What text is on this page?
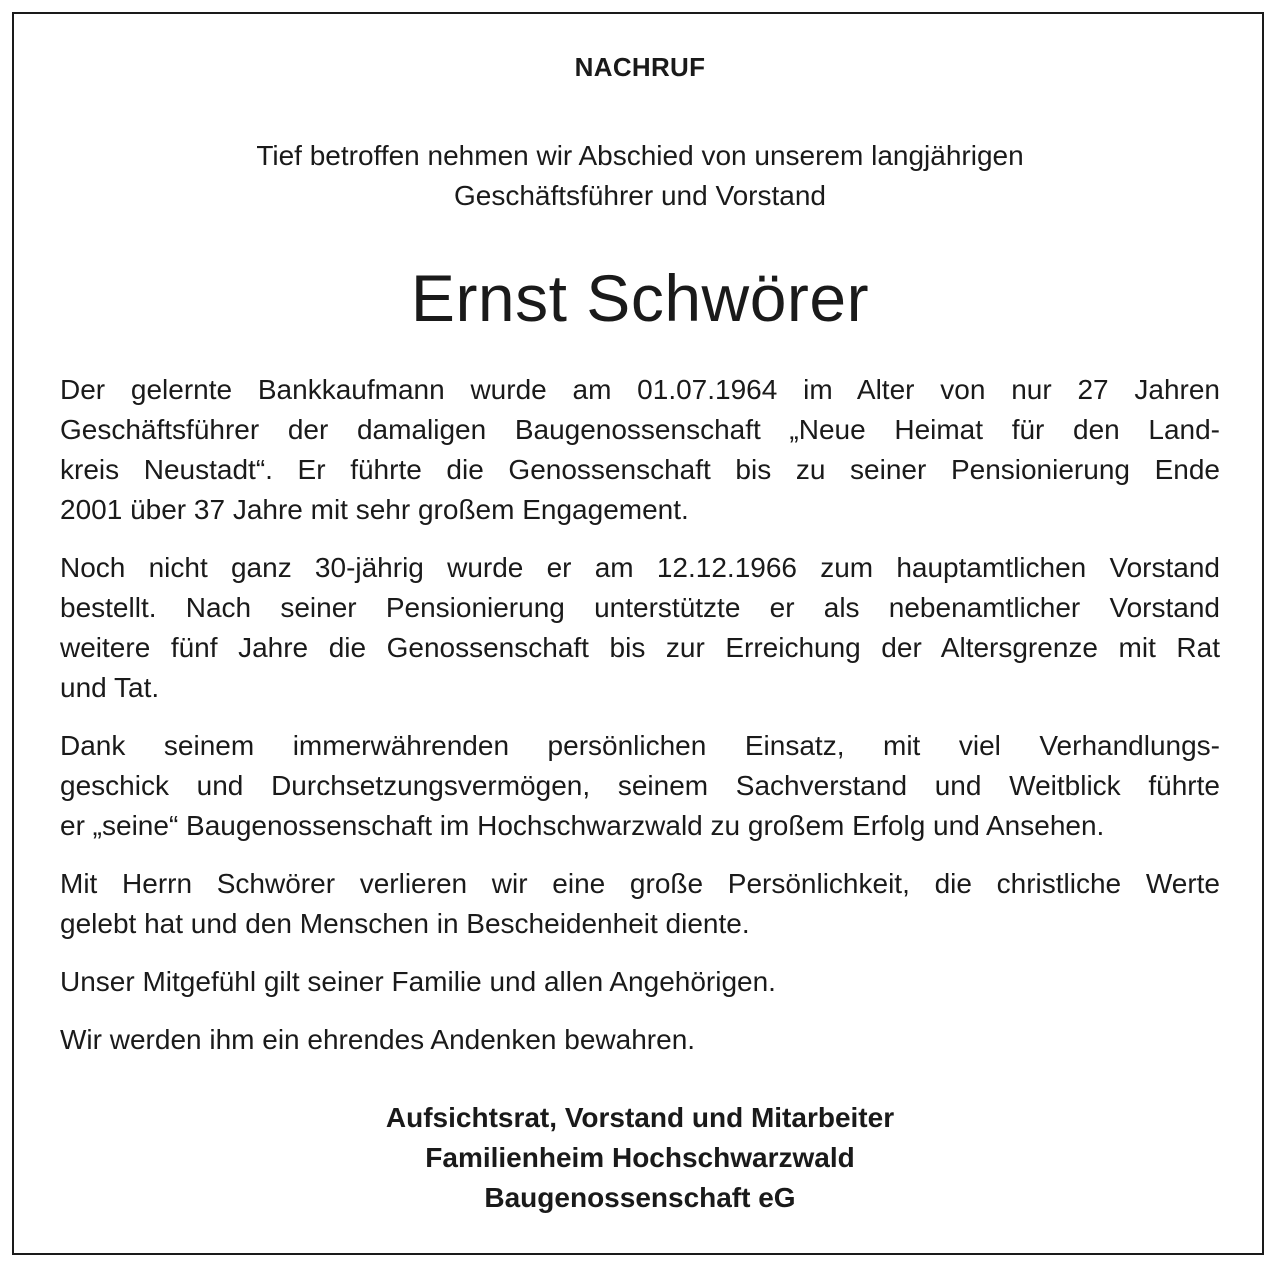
NACHRUF
Tief betroffen nehmen wir Abschied von unserem langjährigen
Geschäftsführer und Vorstand
Ernst Schwörer

Der gelernte Bankkaufmann wurde am 01.07.1964 im Alter von nur 27 Jahren
Geschäftsführer der damaligen Baugenossenschaft „Neue Heimat für den Land-
kreis Neustadt“. Er führte die Genossenschaft bis zu seiner Pensionierung Ende
2001 über 37 Jahre mit sehr großem Engagement.

Noch nicht ganz 30-jährig wurde er am 12.12.1966 zum hauptamtlichen Vorstand
bestellt. Nach seiner Pensionierung unterstützte er als nebenamtlicher Vorstand
weitere fünf Jahre die Genossenschaft bis zur Erreichung der Altersgrenze mit Rat
und Tat.

Dank seinem immerwährenden persönlichen Einsatz, mit viel Verhandlungs-
geschick und Durchsetzungsvermögen, seinem Sachverstand und Weitblick führte
er „seine“ Baugenossenschaft im Hochschwarzwald zu großem Erfolg und Ansehen.

Mit Herrn Schwörer verlieren wir eine große Persönlichkeit, die christliche Werte
gelebt hat und den Menschen in Bescheidenheit diente.

Unser Mitgefühl gilt seiner Familie und allen Angehörigen.

Wir werden ihm ein ehrendes Andenken bewahren.

Aufsichtsrat, Vorstand und Mitarbeiter
Familienheim Hochschwarzwald
Baugenossenschaft eG
